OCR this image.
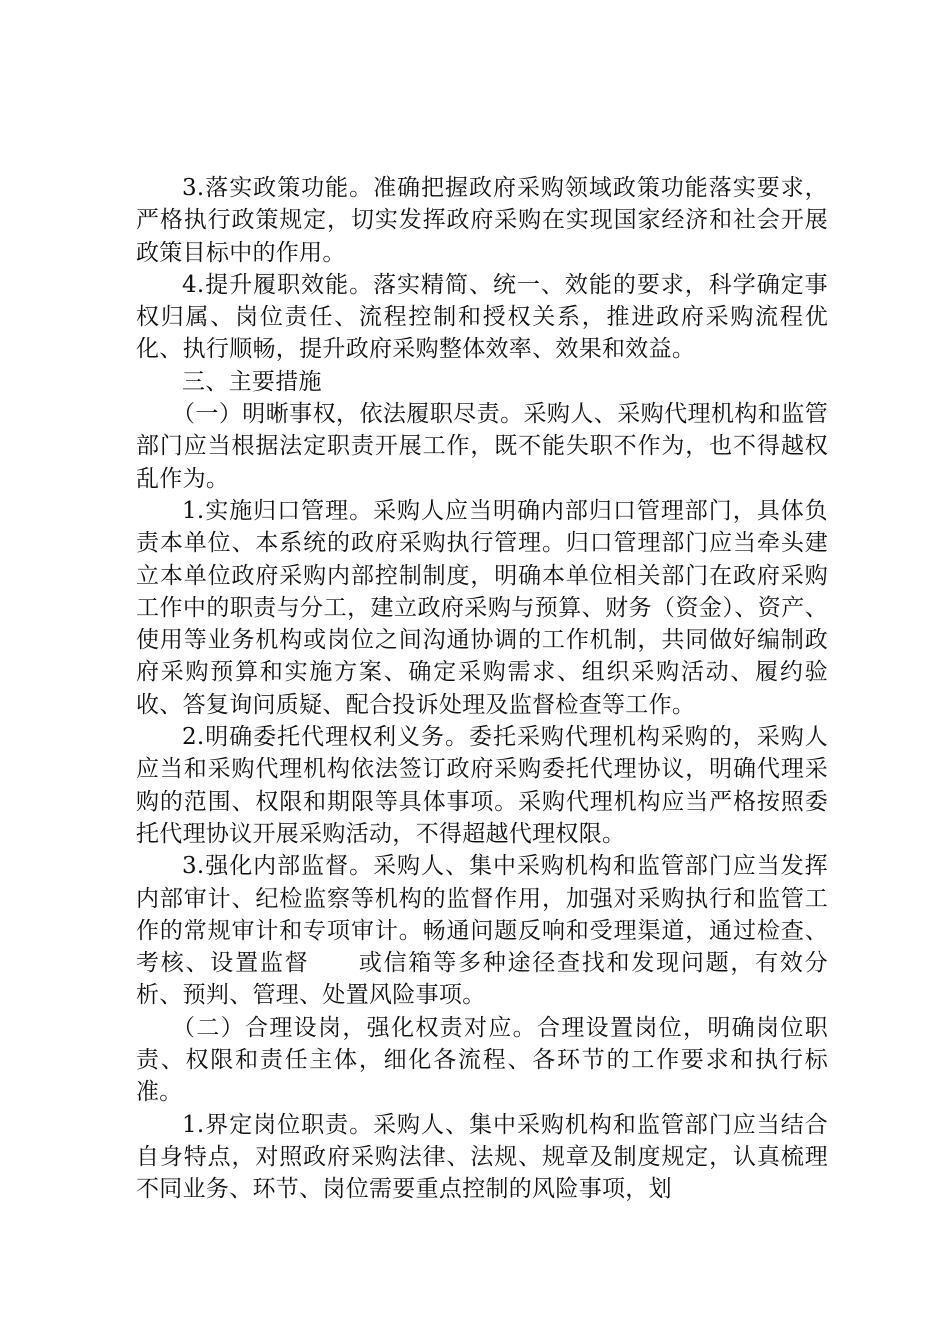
3.落实政策功能。准确把握政府采购领域政策功能落实要求，严格执行政策规定，切实发挥政府采购在实现国家经济和社会开展政策目标中的作用。

4.提升履职效能。落实精简、统一、效能的要求，科学确定事权归属、岗位责任、流程控制和授权关系，推进政府采购流程优化、执行顺畅，提升政府采购整体效率、效果和效益。

三、主要措施

（一）明晰事权，依法履职尽责。采购人、采购代理机构和监管部门应当根据法定职责开展工作，既不能失职不作为，也不得越权乱作为。

1.实施归口管理。采购人应当明确内部归口管理部门，具体负责本单位、本系统的政府采购执行管理。归口管理部门应当牵头建立本单位政府采购内部控制制度，明确本单位相关部门在政府采购工作中的职责与分工，建立政府采购与预算、财务（资金）、资产、使用等业务机构或岗位之间沟通协调的工作机制，共同做好编制政府采购预算和实施方案、确定采购需求、组织采购活动、履约验收、答复询问质疑、配合投诉处理及监督检查等工作。

2.明确委托代理权利义务。委托采购代理机构采购的，采购人应当和采购代理机构依法签订政府采购委托代理协议，明确代理采购的范围、权限和期限等具体事项。采购代理机构应当严格按照委托代理协议开展采购活动，不得超越代理权限。

3.强化内部监督。采购人、集中采购机构和监管部门应当发挥内部审计、纪检监察等机构的监督作用，加强对采购执行和监管工作的常规审计和专项审计。畅通问题反响和受理渠道，通过检查、考核、设置监督　　或信箱等多种途径查找和发现问题，有效分析、预判、管理、处置风险事项。

（二）合理设岗，强化权责对应。合理设置岗位，明确岗位职责、权限和责任主体，细化各流程、各环节的工作要求和执行标准。

1.界定岗位职责。采购人、集中采购机构和监管部门应当结合自身特点，对照政府采购法律、法规、规章及制度规定，认真梳理不同业务、环节、岗位需要重点控制的风险事项，划
